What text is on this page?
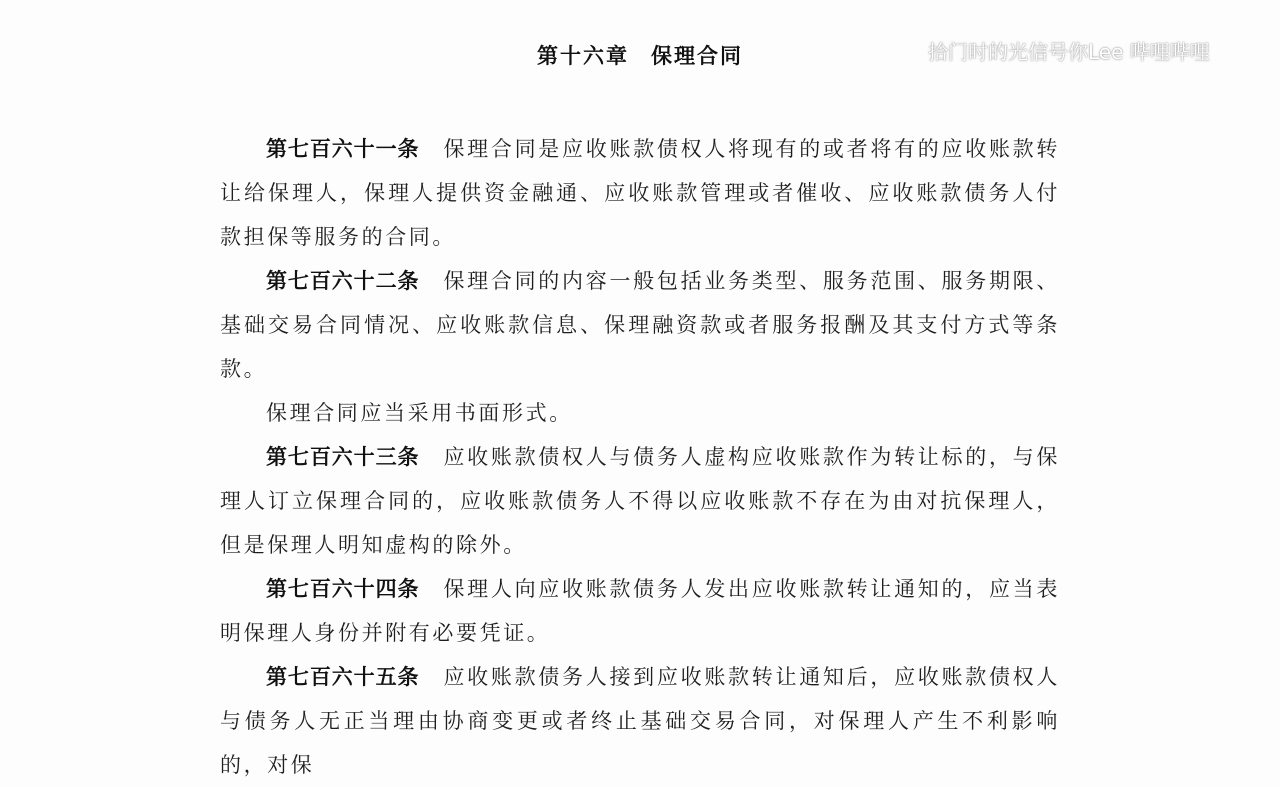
拾门时的光信号你Lee 哔哩哔哩
第十六章 保理合同

第七百六十一条 保理合同是应收账款债权人将现有的或者将有的应收账款转让给保理人，保理人提供资金融通、应收账款管理或者催收、应收账款债务人付款担保等服务的合同。

第七百六十二条 保理合同的内容一般包括业务类型、服务范围、服务期限、基础交易合同情况、应收账款信息、保理融资款或者服务报酬及其支付方式等条款。

保理合同应当采用书面形式。

第七百六十三条 应收账款债权人与债务人虚构应收账款作为转让标的，与保理人订立保理合同的，应收账款债务人不得以应收账款不存在为由对抗保理人，但是保理人明知虚构的除外。

第七百六十四条 保理人向应收账款债务人发出应收账款转让通知的，应当表明保理人身份并附有必要凭证。

第七百六十五条 应收账款债务人接到应收账款转让通知后，应收账款债权人与债务人无正当理由协商变更或者终止基础交易合同，对保理人产生不利影响的，对保
